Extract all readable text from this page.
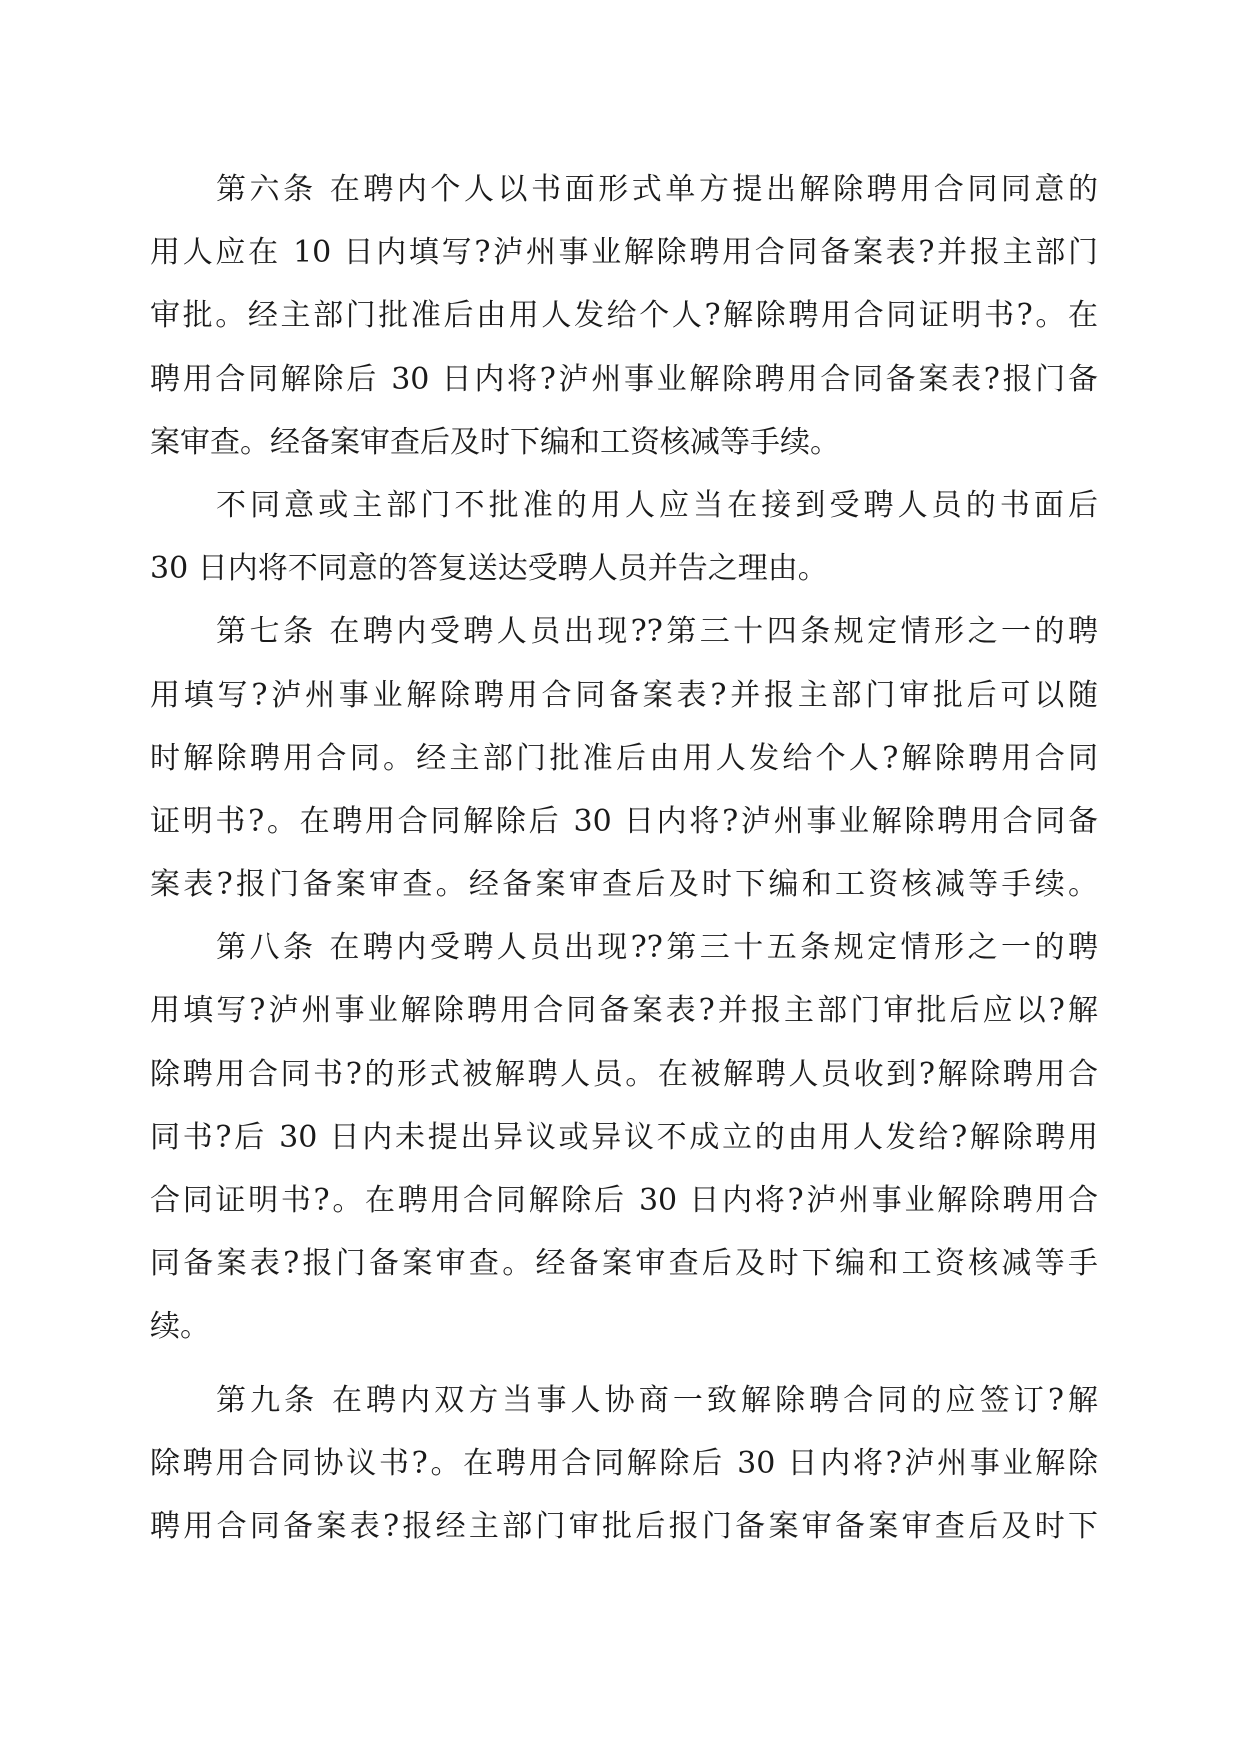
第六条 在聘内个人以书面形式单方提出解除聘用合同同意的
用人应在 10 日内填写?泸州事业解除聘用合同备案表?并报主部门
审批。经主部门批准后由用人发给个人?解除聘用合同证明书?。在
聘用合同解除后 30 日内将?泸州事业解除聘用合同备案表?报门备
案审查。经备案审查后及时下编和工资核减等手续。
不同意或主部门不批准的用人应当在接到受聘人员的书面后
30 日内将不同意的答复送达受聘人员并告之理由。
第七条 在聘内受聘人员出现??第三十四条规定情形之一的聘
用填写?泸州事业解除聘用合同备案表?并报主部门审批后可以随
时解除聘用合同。经主部门批准后由用人发给个人?解除聘用合同
证明书?。在聘用合同解除后 30 日内将?泸州事业解除聘用合同备
案表?报门备案审查。经备案审查后及时下编和工资核减等手续。
第八条 在聘内受聘人员出现??第三十五条规定情形之一的聘
用填写?泸州事业解除聘用合同备案表?并报主部门审批后应以?解
除聘用合同书?的形式被解聘人员。在被解聘人员收到?解除聘用合
同书?后 30 日内未提出异议或异议不成立的由用人发给?解除聘用
合同证明书?。在聘用合同解除后 30 日内将?泸州事业解除聘用合
同备案表?报门备案审查。经备案审查后及时下编和工资核减等手
续。
第九条 在聘内双方当事人协商一致解除聘合同的应签订?解
除聘用合同协议书?。在聘用合同解除后 30 日内将?泸州事业解除
聘用合同备案表?报经主部门审批后报门备案审备案审查后及时下
